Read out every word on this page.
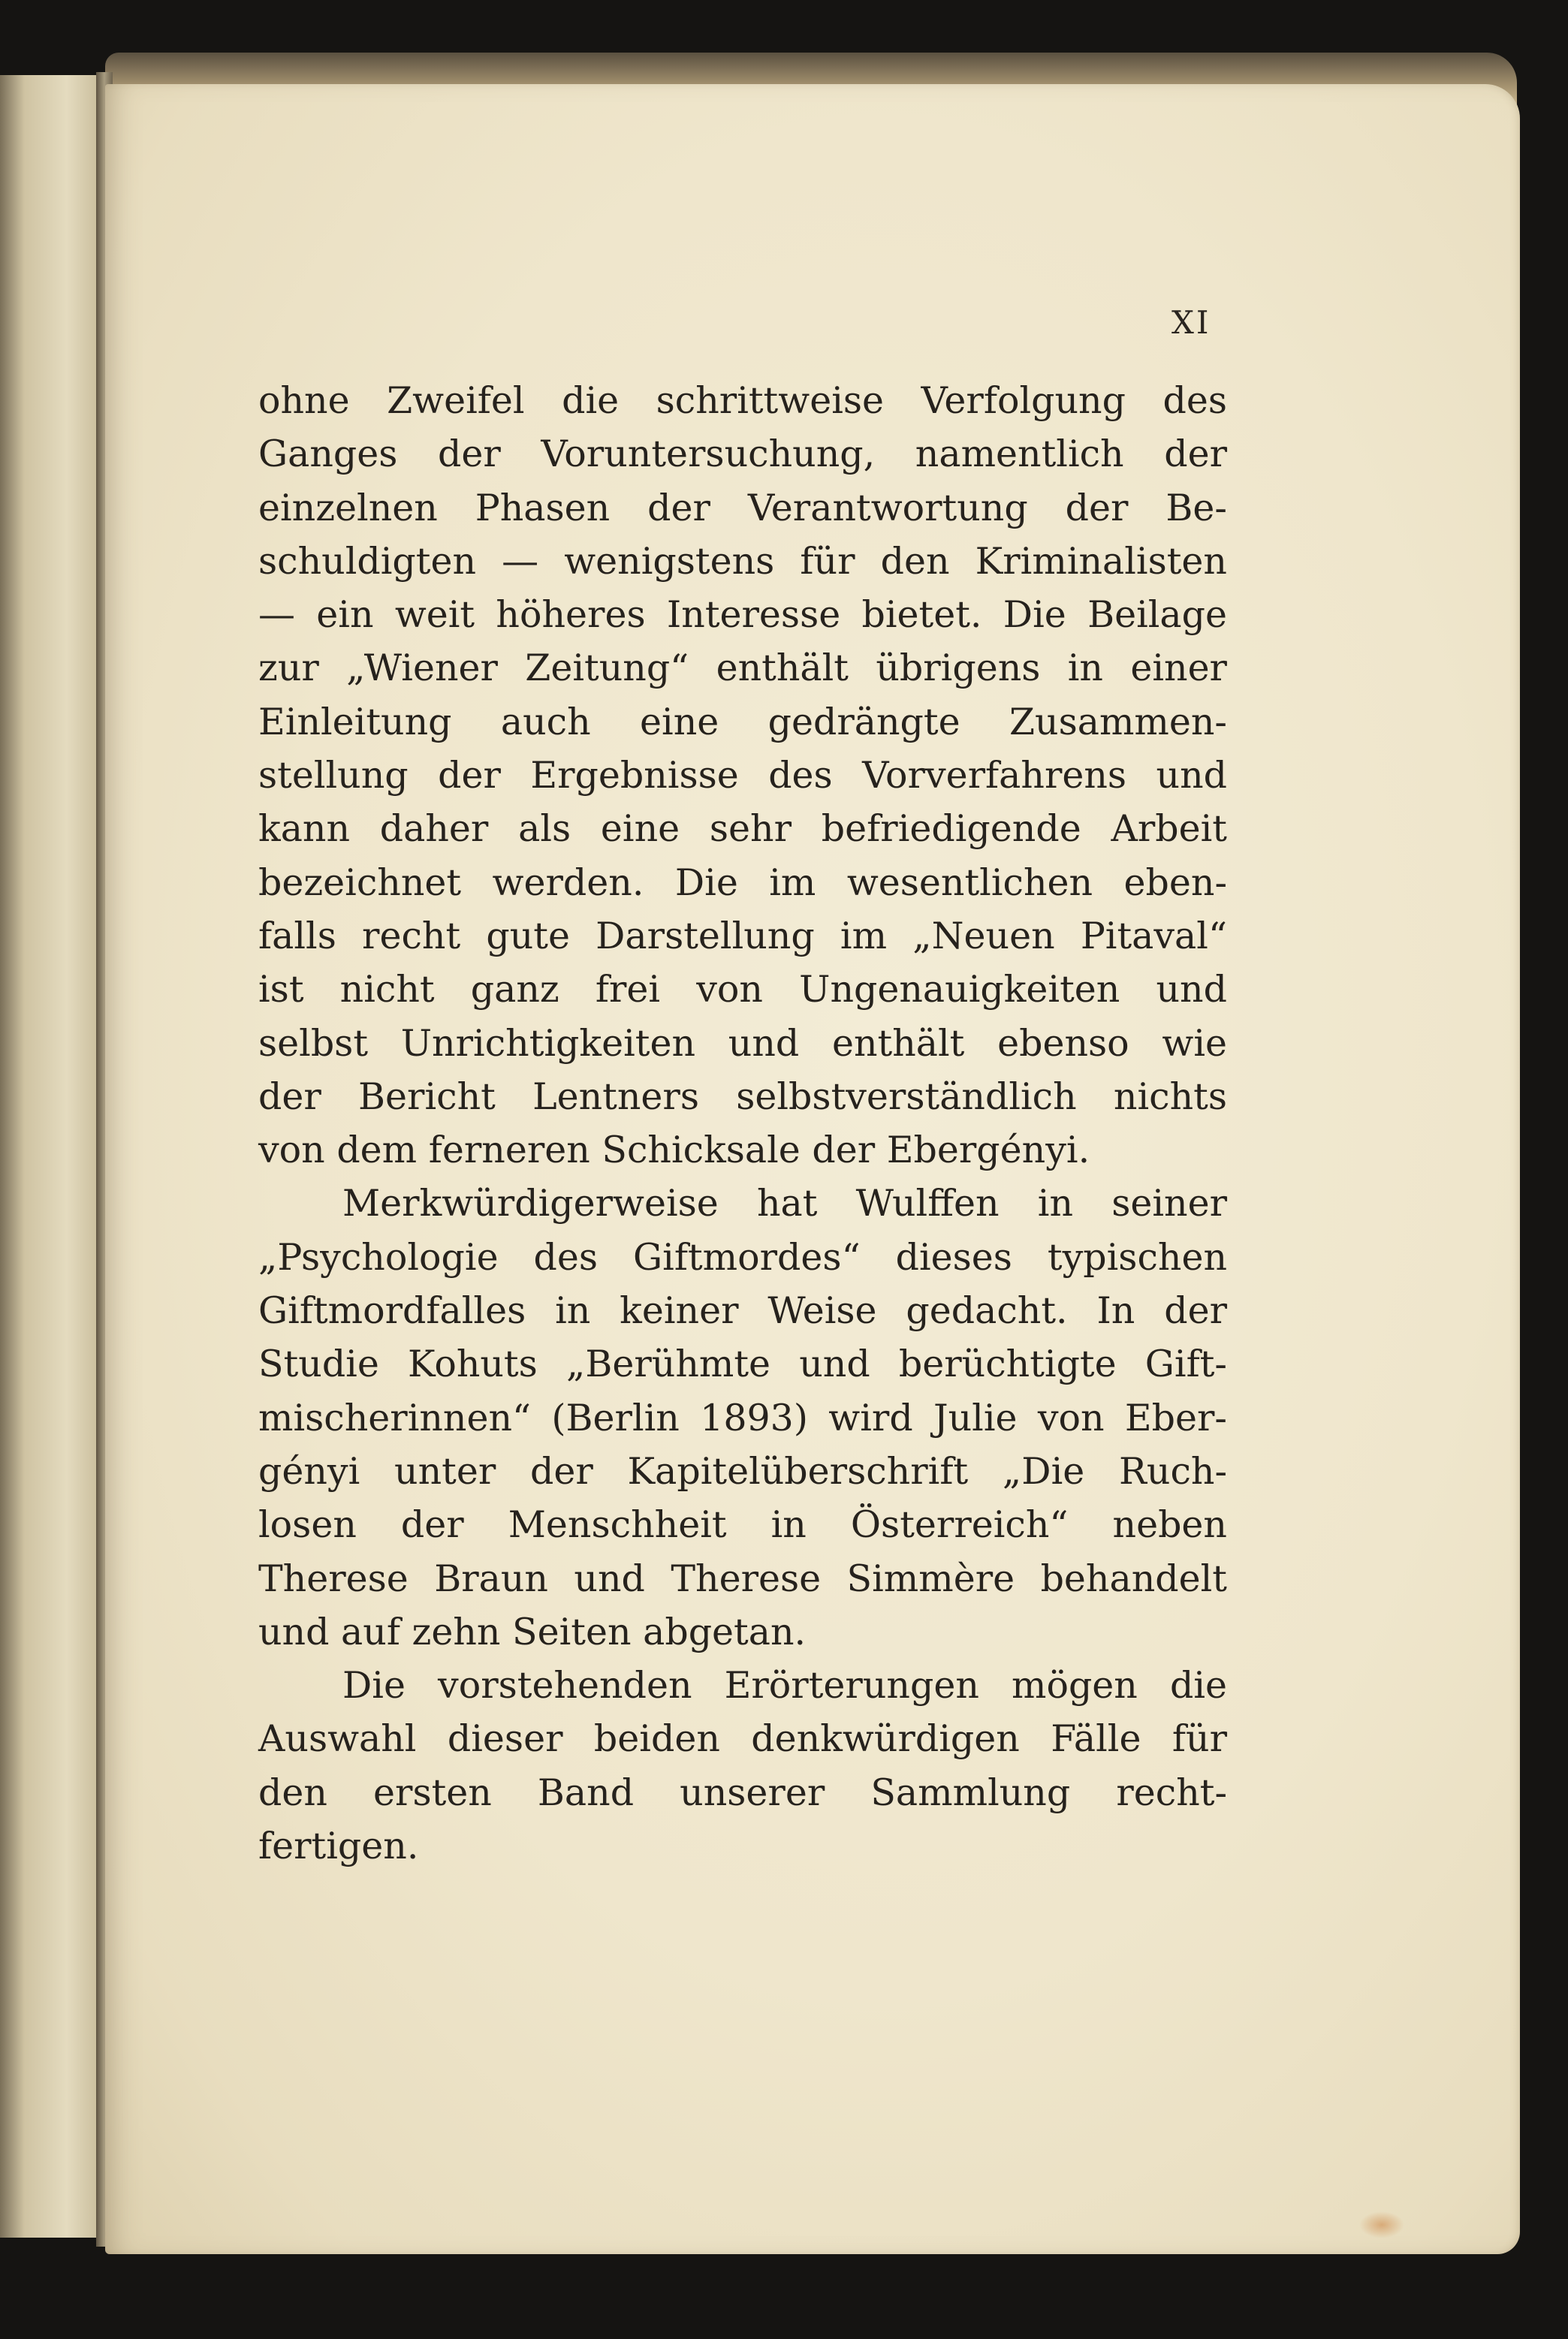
XI
ohne Zweifel die schrittweise Verfolgung des
Ganges der Voruntersuchung, namentlich der
einzelnen Phasen der Verantwortung der Be-
schuldigten — wenigstens für den Kriminalisten
— ein weit höheres Interesse bietet. Die Beilage
zur „Wiener Zeitung“ enthält übrigens in einer
Einleitung auch eine gedrängte Zusammen-
stellung der Ergebnisse des Vorverfahrens und
kann daher als eine sehr befriedigende Arbeit
bezeichnet werden. Die im wesentlichen eben-
falls recht gute Darstellung im „Neuen Pitaval“
ist nicht ganz frei von Ungenauigkeiten und
selbst Unrichtigkeiten und enthält ebenso wie
der Bericht Lentners selbstverständlich nichts
von dem ferneren Schicksale der Ebergényi.
Merkwürdigerweise hat Wulffen in seiner
„Psychologie des Giftmordes“ dieses typischen
Giftmordfalles in keiner Weise gedacht. In der
Studie Kohuts „Berühmte und berüchtigte Gift-
mischerinnen“ (Berlin 1893) wird Julie von Eber-
gényi unter der Kapitelüberschrift „Die Ruch-
losen der Menschheit in Österreich“ neben
Therese Braun und Therese Simmère behandelt
und auf zehn Seiten abgetan.
Die vorstehenden Erörterungen mögen die
Auswahl dieser beiden denkwürdigen Fälle für
den ersten Band unserer Sammlung recht-
fertigen.
